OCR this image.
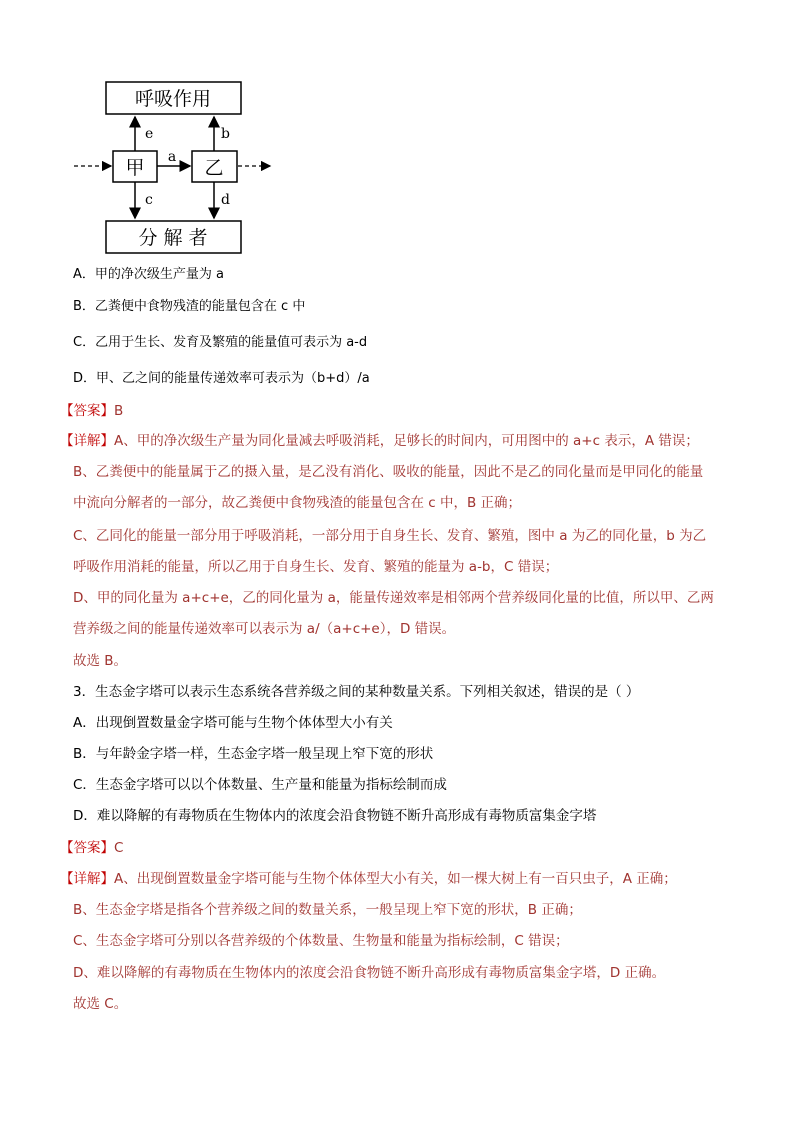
呼吸作用
分 解 者
甲	乙
a
e	b
c	d
A．甲的净次级生产量为 a
B．乙粪便中食物残渣的能量包含在 c 中
C．乙用于生长、发育及繁殖的能量值可表示为 a-d
D．甲、乙之间的能量传递效率可表示为（b+d）/a
【答案】B
【详解】A、甲的净次级生产量为同化量减去呼吸消耗，足够长的时间内，可用图中的 a+c 表示，A 错误；
B、乙粪便中的能量属于乙的摄入量，是乙没有消化、吸收的能量，因此不是乙的同化量而是甲同化的能量
中流向分解者的一部分，故乙粪便中食物残渣的能量包含在 c 中，B 正确；
C、乙同化的能量一部分用于呼吸消耗，一部分用于自身生长、发育、繁殖，图中 a 为乙的同化量，b 为乙
呼吸作用消耗的能量，所以乙用于自身生长、发育、繁殖的能量为 a-b，C 错误；
D、甲的同化量为 a+c+e，乙的同化量为 a，能量传递效率是相邻两个营养级同化量的比值，所以甲、乙两
营养级之间的能量传递效率可以表示为 a/（a+c+e），D 错误。
故选 B。
3．生态金字塔可以表示生态系统各营养级之间的某种数量关系。下列相关叙述，错误的是（ ）
A．出现倒置数量金字塔可能与生物个体体型大小有关
B．与年龄金字塔一样，生态金字塔一般呈现上窄下宽的形状
C．生态金字塔可以以个体数量、生产量和能量为指标绘制而成
D．难以降解的有毒物质在生物体内的浓度会沿食物链不断升高形成有毒物质富集金字塔
【答案】C
【详解】A、出现倒置数量金字塔可能与生物个体体型大小有关，如一棵大树上有一百只虫子，A 正确；
B、生态金字塔是指各个营养级之间的数量关系，一般呈现上窄下宽的形状，B 正确；
C、生态金字塔可分别以各营养级的个体数量、生物量和能量为指标绘制，C 错误；
D、难以降解的有毒物质在生物体内的浓度会沿食物链不断升高形成有毒物质富集金字塔，D 正确。
故选 C。
